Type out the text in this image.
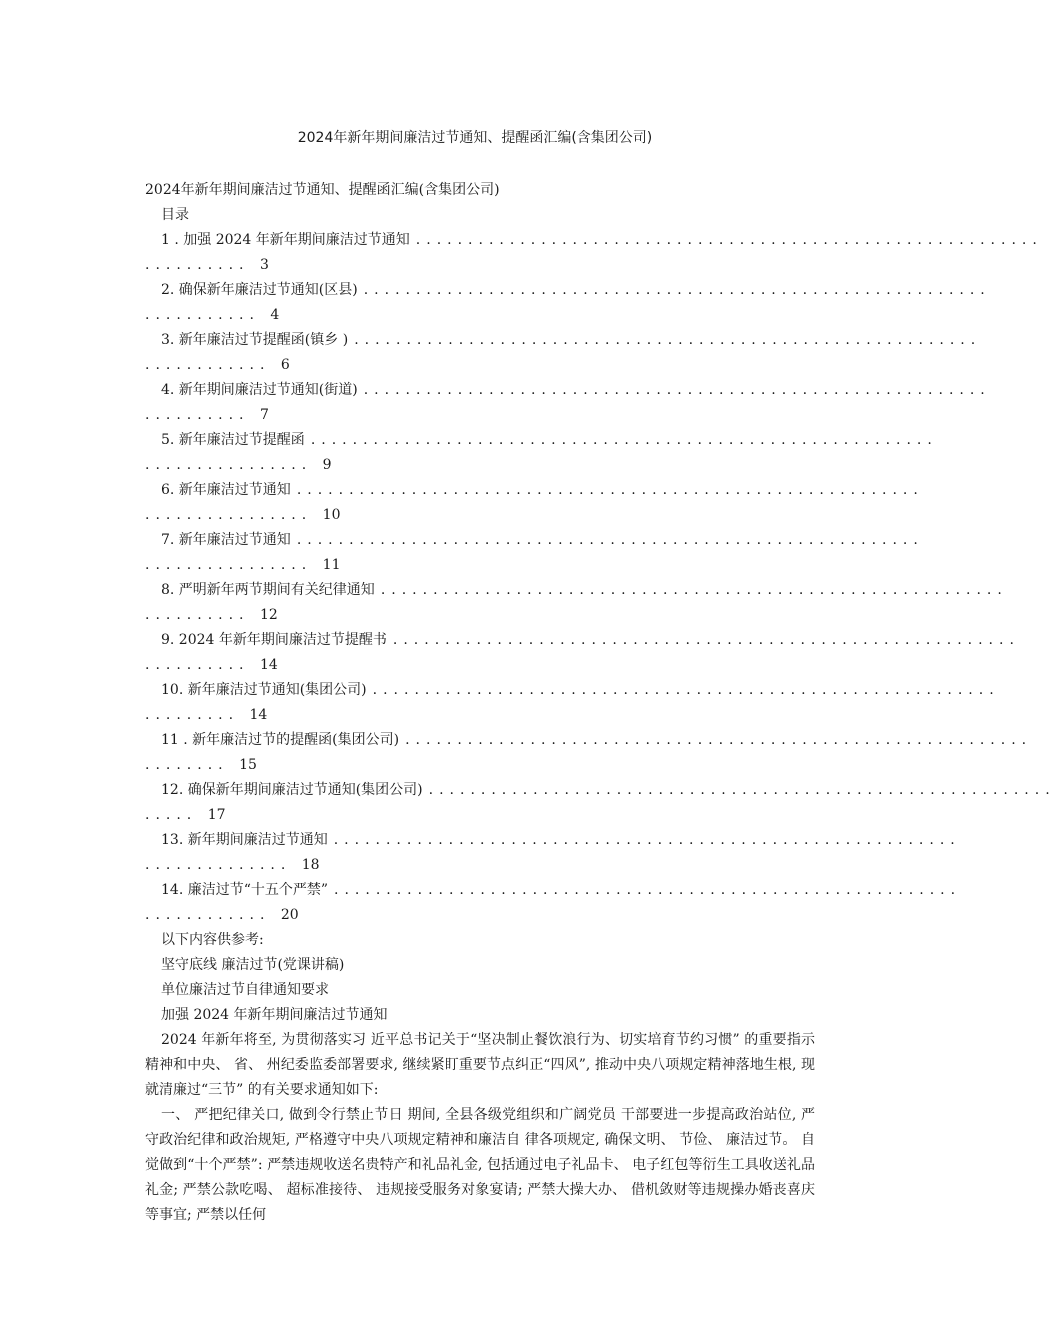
2024年新年期间廉洁过节通知、提醒函汇编(含集团公司)
2024年新年期间廉洁过节通知、提醒函汇编(含集团公司)
目录
1 . 加强 2024 年新年期间廉洁过节通知 ............................................................
.......... 3
2. 确保新年廉洁过节通知(区县) ............................................................
........... 4
3. 新年廉洁过节提醒函(镇乡 ) ............................................................
............ 6
4. 新年期间廉洁过节通知(街道) ............................................................
.......... 7
5. 新年廉洁过节提醒函 ............................................................
................ 9
6. 新年廉洁过节通知 ............................................................
................ 10
7. 新年廉洁过节通知 ............................................................
................ 11
8. 严明新年两节期间有关纪律通知 ............................................................
.......... 12
9. 2024 年新年期间廉洁过节提醒书 ............................................................
.......... 14
10. 新年廉洁过节通知(集团公司) ............................................................
......... 14
11 . 新年廉洁过节的提醒函(集团公司) ............................................................
........ 15
12. 确保新年期间廉洁过节通知(集团公司) ............................................................
..... 17
13. 新年期间廉洁过节通知 ............................................................
.............. 18
14. 廉洁过节“十五个严禁” ............................................................
............ 20
以下内容供参考:
坚守底线 廉洁过节(党课讲稿)
单位廉洁过节自律通知要求
加强 2024 年新年期间廉洁过节通知

2024 年新年将至, 为贯彻落实习 近平总书记关于“坚决制止餐饮浪行为、切实培育节约习惯” 的重要指示精神和中央、 省、 州纪委监委部署要求, 继续紧盯重要节点纠正“四风”, 推动中央八项规定精神落地生根, 现就清廉过“三节” 的有关要求通知如下:

一、 严把纪律关口, 做到令行禁止节日 期间, 全县各级党组织和广阔党员 干部要进一步提高政治站位, 严守政治纪律和政治规矩, 严格遵守中央八项规定精神和廉洁自 律各项规定, 确保文明、 节俭、 廉洁过节。 自 觉做到“十个严禁”: 严禁违规收送名贵特产和礼品礼金, 包括通过电子礼品卡、 电子红包等衍生工具收送礼品礼金; 严禁公款吃喝、 超标准接待、 违规接受服务对象宴请; 严禁大操大办、 借机敛财等违规操办婚丧喜庆等事宜; 严禁以任何
